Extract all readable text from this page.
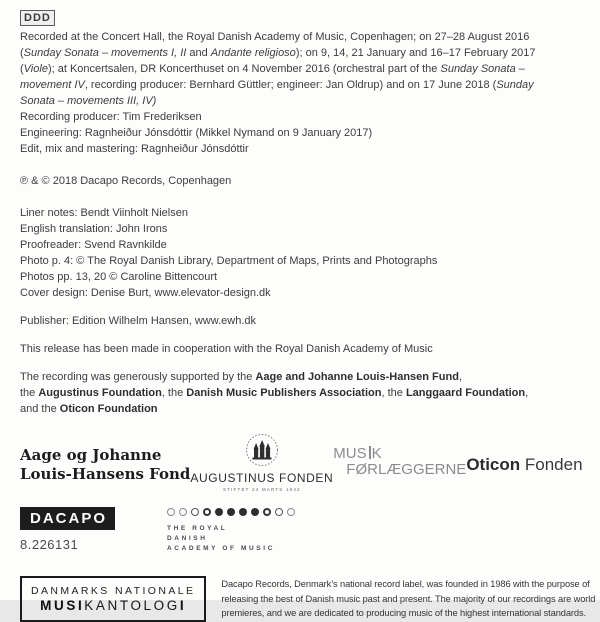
DDD
Recorded at the Concert Hall, the Royal Danish Academy of Music, Copenhagen; on 27–28 August 2016
(Sunday Sonata – movements I, II and Andante religioso); on 9, 14, 21 January and 16–17 February 2017
(Viole); at Koncertsalen, DR Koncerthuset on 4 November 2016 (orchestral part of the Sunday Sonata –
movement IV, recording producer: Bernhard Güttler; engineer: Jan Oldrup) and on 17 June 2018 (Sunday
Sonata – movements III, IV)
Recording producer: Tim Frederiksen
Engineering: Ragnheiður Jónsdóttir (Mikkel Nymand on 9 January 2017)
Edit, mix and mastering: Ragnheiður Jónsdóttir
℗ & © 2018 Dacapo Records, Copenhagen
Liner notes: Bendt Viinholt Nielsen
English translation: John Irons
Proofreader: Svend Ravnkilde
Photo p. 4: © The Royal Danish Library, Department of Maps, Prints and Photographs
Photos pp. 13, 20 © Caroline Bittencourt
Cover design: Denise Burt, www.elevator-design.dk
Publisher: Edition Wilhelm Hansen, www.ewh.dk
This release has been made in cooperation with the Royal Danish Academy of Music
The recording was generously supported by the Aage and Johanne Louis-Hansen Fund,
the Augustinus Foundation, the Danish Music Publishers Association, the Langgaard Foundation,
and the Oticon Foundation
Aage og Johanne
Louis-Hansens Fond AUGUSTINUS FONDEN
STIFTET 24 MARTS 1942
MUS K
FØRLÆGGERNE Oticon Fonden
DACAPO
8.226131
THE ROYAL
DANISH
ACADEMY OF MUSIC
DANMARKS NATIONALE
MUSIKANTOLOGI
Dacapo Records, Denmark’s national record label, was founded in 1986 with the purpose of
releasing the best of Danish music past and present. The majority of our recordings are world
premieres, and we are dedicated to producing music of the highest international standards.
